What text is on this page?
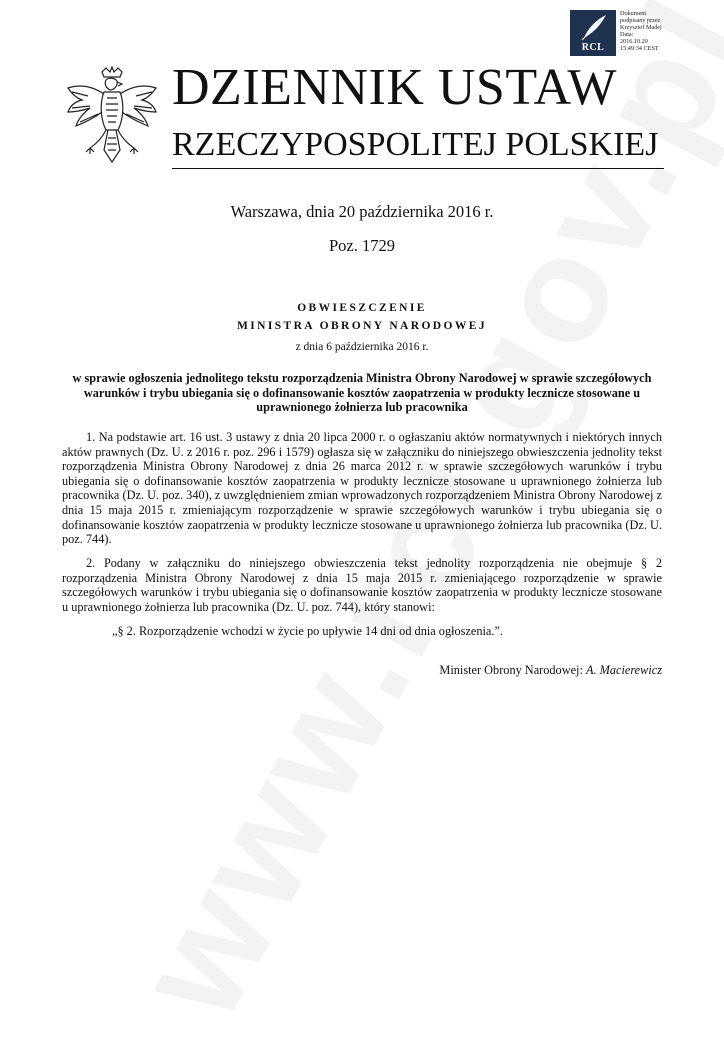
RCL
Dokument
podpisany przez
Krzysztof Madej
Data:
2016.10.20
15:49:34 CEST
DZIENNIK USTAW
RZECZYPOSPOLITEJ POLSKIEJ
Warszawa, dnia 20 października 2016 r.
Poz. 1729
OBWIESZCZENIE
MINISTRA OBRONY NARODOWEJ
z dnia 6 października 2016 r.
w sprawie ogłoszenia jednolitego tekstu rozporządzenia Ministra Obrony Narodowej w sprawie szczegółowych warunków i trybu ubiegania się o dofinansowanie kosztów zaopatrzenia w produkty lecznicze stosowane u uprawnionego żołnierza lub pracownika
1. Na podstawie art. 16 ust. 3 ustawy z dnia 20 lipca 2000 r. o ogłaszaniu aktów normatywnych i niektórych innych aktów prawnych (Dz. U. z 2016 r. poz. 296 i 1579) ogłasza się w załączniku do niniejszego obwieszczenia jednolity tekst rozporządzenia Ministra Obrony Narodowej z dnia 26 marca 2012 r. w sprawie szczegółowych warunków i trybu ubiegania się o dofinansowanie kosztów zaopatrzenia w produkty lecznicze stosowane u uprawnionego żołnierza lub pracownika (Dz. U. poz. 340), z uwzględnieniem zmian wprowadzonych rozporządzeniem Ministra Obrony Narodowej z dnia 15 maja 2015 r. zmieniającym rozporządzenie w sprawie szczegółowych warunków i trybu ubiegania się o dofinansowanie kosztów zaopatrzenia w produkty lecznicze stosowane u uprawnionego żołnierza lub pracownika (Dz. U. poz. 744).
2. Podany w załączniku do niniejszego obwieszczenia tekst jednolity rozporządzenia nie obejmuje § 2 rozporządzenia Ministra Obrony Narodowej z dnia 15 maja 2015 r. zmieniającego rozporządzenie w sprawie szczegółowych warunków i trybu ubiegania się o dofinansowanie kosztów zaopatrzenia w produkty lecznicze stosowane u uprawnionego żołnierza lub pracownika (Dz. U. poz. 744), który stanowi:
„§ 2. Rozporządzenie wchodzi w życie po upływie 14 dni od dnia ogłoszenia.”.
Minister Obrony Narodowej: A. Macierewicz
